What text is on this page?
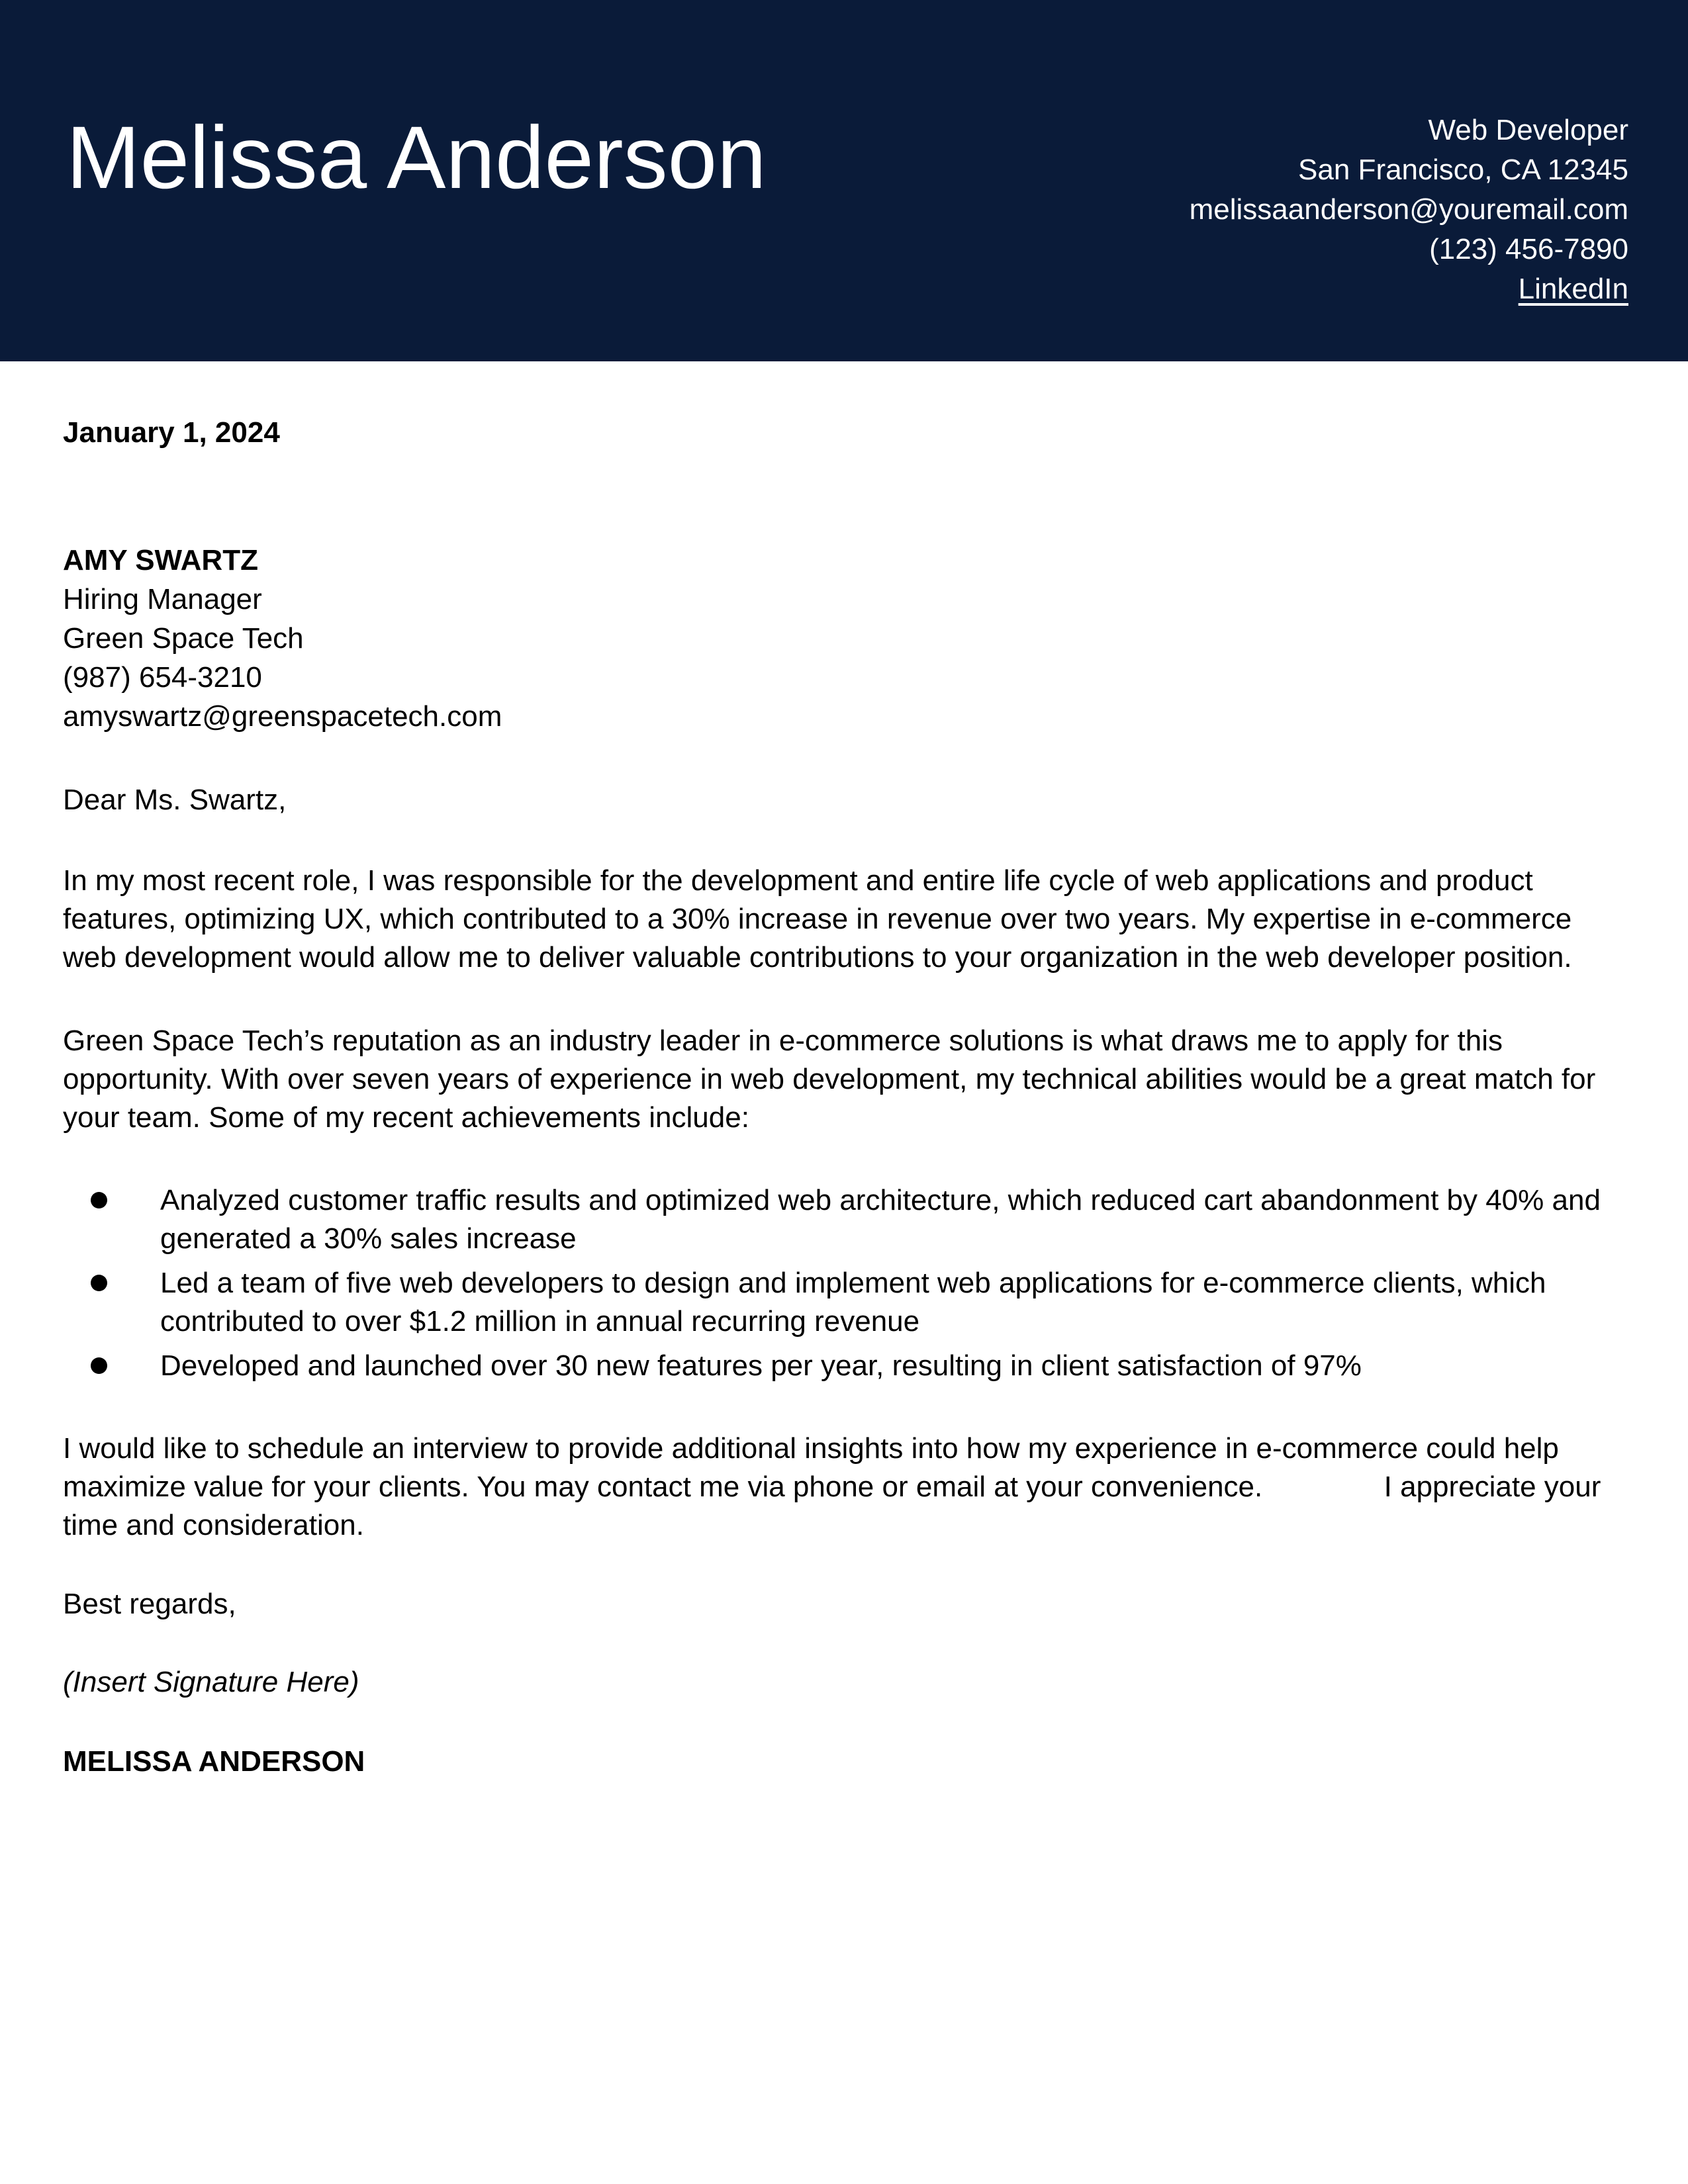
Melissa Anderson	Web Developer
San Francisco, CA 12345
melissaanderson@youremail.com
(123) 456-7890
LinkedIn
January 1, 2024
AMY SWARTZ
Hiring Manager
Green Space Tech
(987) 654-3210
amyswartz@greenspacetech.com
Dear Ms. Swartz,
In my most recent role, I was responsible for the development and entire life cycle of web applications and product features, optimizing UX, which contributed to a 30% increase in revenue over two years. My expertise in e-commerce web development would allow me to deliver valuable contributions to your organization in the web developer position.
Green Space Tech’s reputation as an industry leader in e-commerce solutions is what draws me to apply for this opportunity. With over seven years of experience in web development, my technical abilities would be a great match for your team. Some of my recent achievements include:
Analyzed customer traffic results and optimized web architecture, which reduced cart abandonment by 40% and generated a 30% sales increase
Led a team of five web developers to design and implement web applications for e-commerce clients, which contributed to over $1.2 million in annual recurring revenue
Developed and launched over 30 new features per year, resulting in client satisfaction of 97%
I would like to schedule an interview to provide additional insights into how my experience in e-commerce could help maximize value for your clients. You may contact me via phone or email at your convenience.               I appreciate your time and consideration.
Best regards,
(Insert Signature Here)
MELISSA ANDERSON
